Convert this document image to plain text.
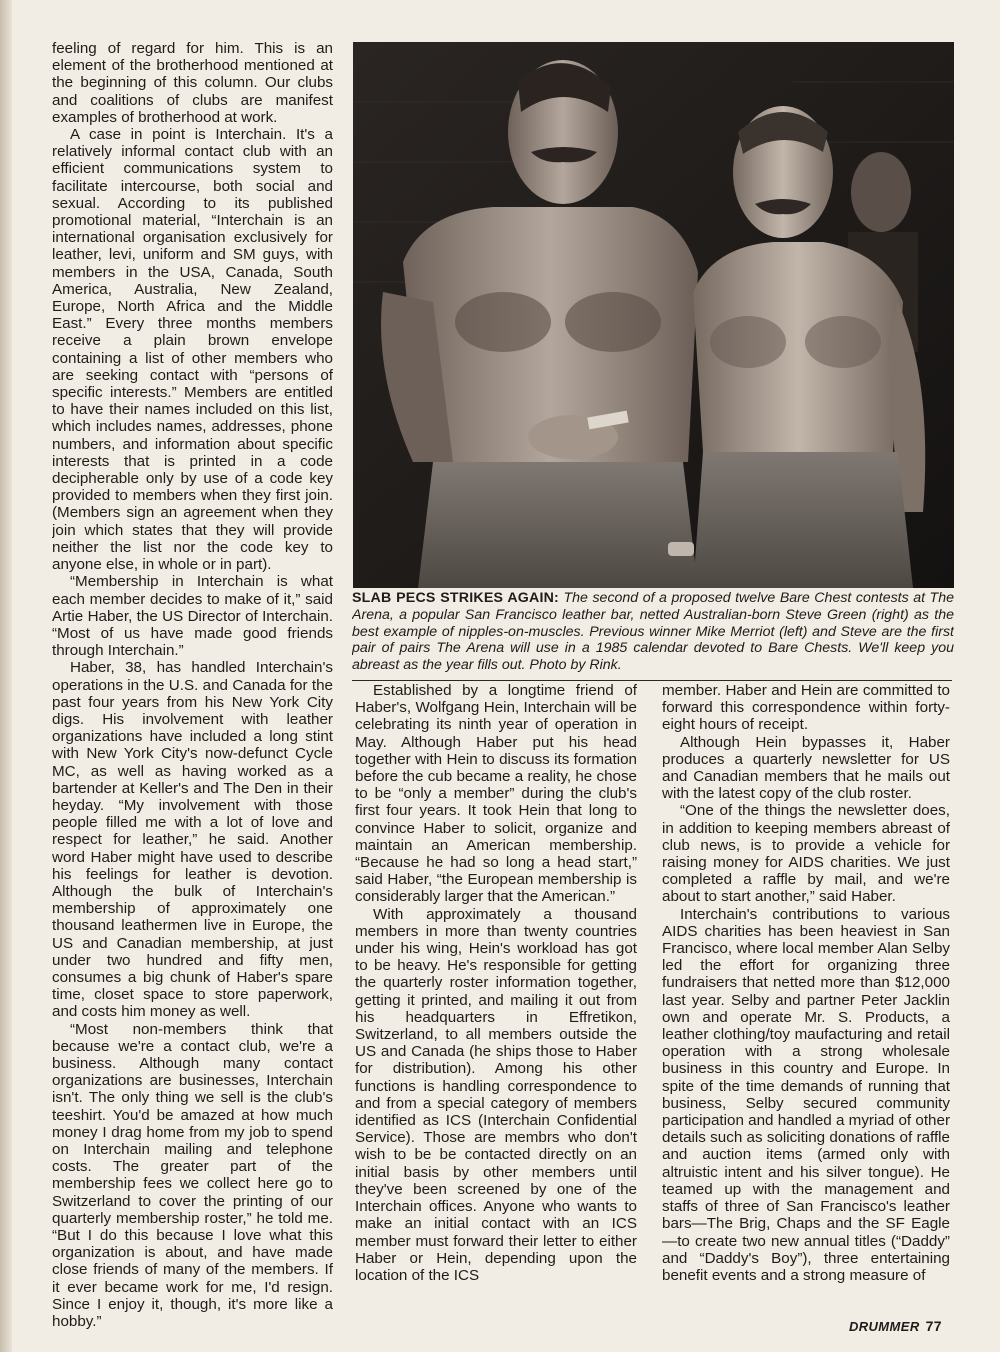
feeling of regard for him. This is an element of the brotherhood mentioned at the beginning of this column. Our clubs and coalitions of clubs are manifest examples of brotherhood at work.

A case in point is Interchain. It's a relatively informal contact club with an efficient communications system to facilitate intercourse, both social and sexual. According to its published promotional material, “Interchain is an international organisation exclusively for leather, levi, uniform and SM guys, with members in the USA, Canada, South America, Australia, New Zealand, Europe, North Africa and the Middle East.” Every three months members receive a plain brown envelope containing a list of other members who are seeking contact with “persons of specific interests.” Members are entitled to have their names included on this list, which includes names, addresses, phone numbers, and information about specific interests that is printed in a code decipherable only by use of a code key provided to members when they first join. (Members sign an agreement when they join which states that they will provide neither the list nor the code key to anyone else, in whole or in part).

“Membership in Interchain is what each member decides to make of it,” said Artie Haber, the US Director of Interchain. “Most of us have made good friends through Interchain.”

Haber, 38, has handled Interchain's operations in the U.S. and Canada for the past four years from his New York City digs. His involvement with leather organizations have included a long stint with New York City's now-defunct Cycle MC, as well as having worked as a bartender at Keller's and The Den in their heyday. “My involvement with those people filled me with a lot of love and respect for leather,” he said. Another word Haber might have used to describe his feelings for leather is devotion. Although the bulk of Interchain's membership of approximately one thousand leathermen live in Europe, the US and Canadian membership, at just under two hundred and fifty men, consumes a big chunk of Haber's spare time, closet space to store paperwork, and costs him money as well.

“Most non-members think that because we're a contact club, we're a business. Although many contact organizations are businesses, Interchain isn't. The only thing we sell is the club's teeshirt. You'd be amazed at how much money I drag home from my job to spend on Interchain mailing and telephone costs. The greater part of the membership fees we collect here go to Switzerland to cover the printing of our quarterly membership roster,” he told me. “But I do this because I love what this organization is about, and have made close friends of many of the members. If it ever became work for me, I'd resign. Since I enjoy it, though, it's more like a hobby.”

SLAB PECS STRIKES AGAIN: The second of a proposed twelve Bare Chest contests at The Arena, a popular San Francisco leather bar, netted Australian-born Steve Green (right) as the best example of nipples-on-muscles. Previous winner Mike Merriot (left) and Steve are the first pair of pairs The Arena will use in a 1985 calendar devoted to Bare Chests. We'll keep you abreast as the year fills out. Photo by Rink.

Established by a longtime friend of Haber's, Wolfgang Hein, Interchain will be celebrating its ninth year of operation in May. Although Haber put his head together with Hein to discuss its formation before the cub became a reality, he chose to be “only a member” during the club's first four years. It took Hein that long to convince Haber to solicit, organize and maintain an American membership. “Because he had so long a head start,” said Haber, “the European membership is considerably larger that the American.”

With approximately a thousand members in more than twenty countries under his wing, Hein's workload has got to be heavy. He's responsible for getting the quarterly roster information together, getting it printed, and mailing it out from his headquarters in Effretikon, Switzerland, to all members outside the US and Canada (he ships those to Haber for distribution). Among his other functions is handling correspondence to and from a special category of members identified as ICS (Interchain Confidential Service). Those are membrs who don't wish to be be contacted directly on an initial basis by other members until they've been screened by one of the Interchain offices. Anyone who wants to make an initial contact with an ICS member must forward their letter to either Haber or Hein, depending upon the location of the ICS

member. Haber and Hein are committed to forward this correspondence within forty-eight hours of receipt.

Although Hein bypasses it, Haber produces a quarterly newsletter for US and Canadian members that he mails out with the latest copy of the club roster.

“One of the things the newsletter does, in addition to keeping members abreast of club news, is to provide a vehicle for raising money for AIDS charities. We just completed a raffle by mail, and we're about to start another,” said Haber.

Interchain's contributions to various AIDS charities has been heaviest in San Francisco, where local member Alan Selby led the effort for organizing three fundraisers that netted more than $12,000 last year. Selby and partner Peter Jacklin own and operate Mr. S. Products, a leather clothing/toy maufacturing and retail operation with a strong wholesale business in this country and Europe. In spite of the time demands of running that business, Selby secured community participation and handled a myriad of other details such as soliciting donations of raffle and auction items (armed only with altruistic intent and his silver tongue). He teamed up with the management and staffs of three of San Francisco's leather bars—The Brig, Chaps and the SF Eagle—to create two new annual titles (“Daddy” and “Daddy's Boy”), three entertaining benefit events and a strong measure of

DRUMMER 77
